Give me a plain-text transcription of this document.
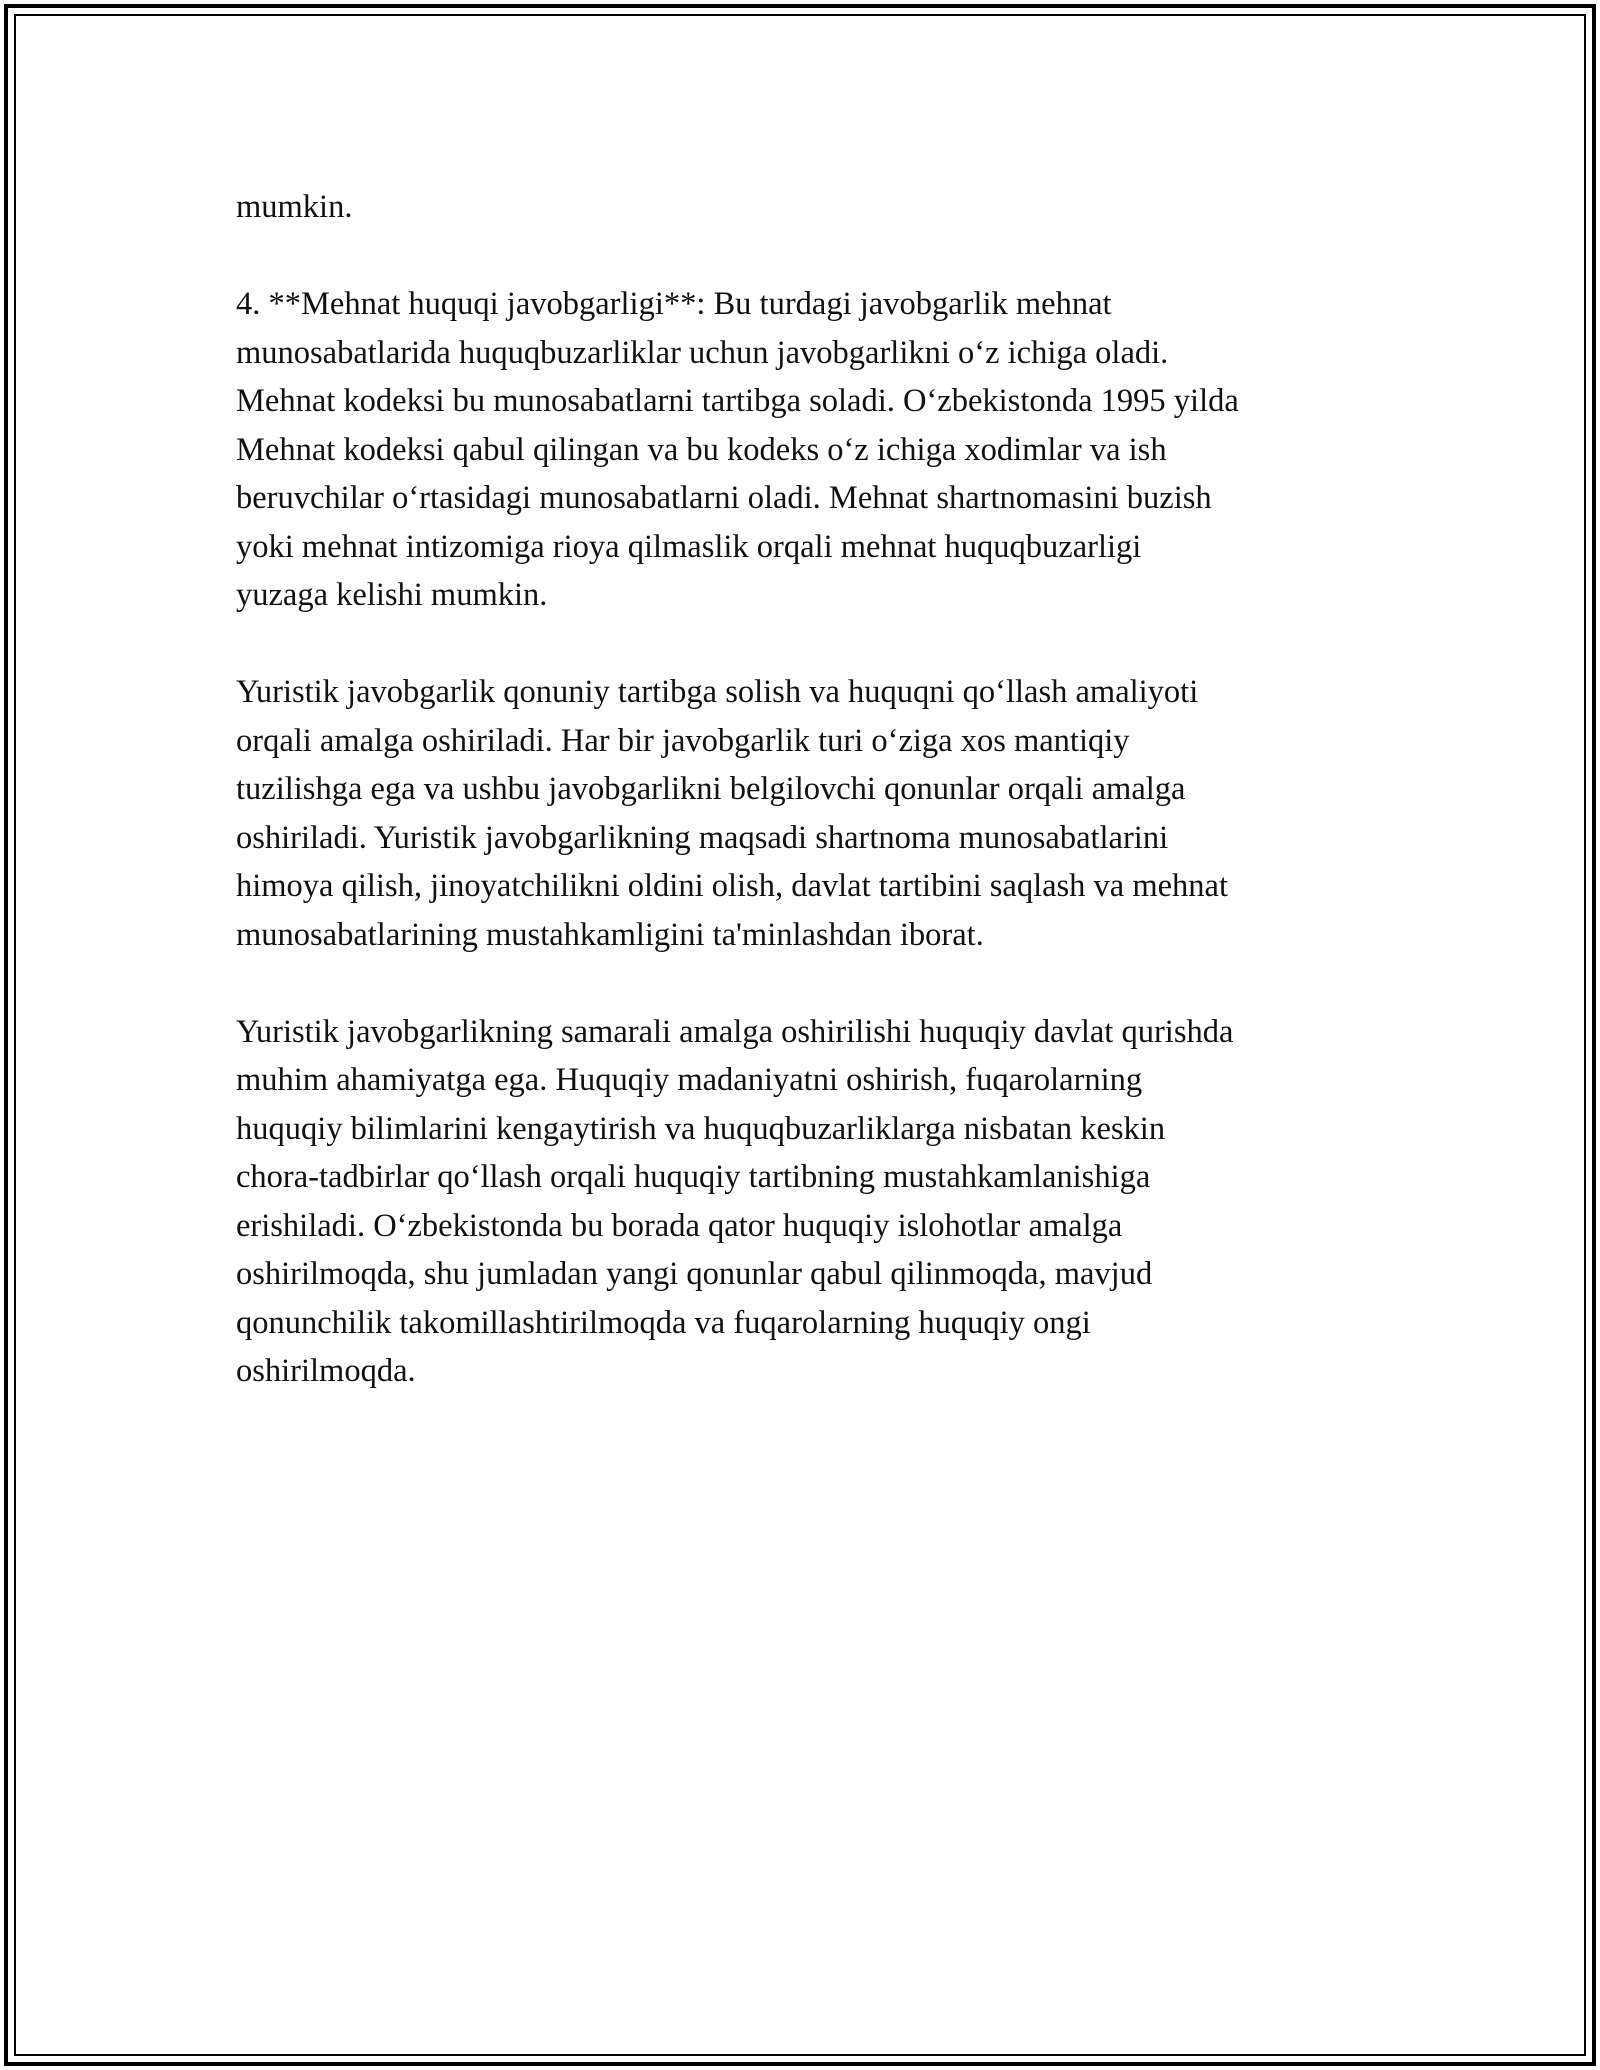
mumkin.

4. **Mehnat huquqi javobgarligi**: Bu turdagi javobgarlik mehnat
munosabatlarida huquqbuzarliklar uchun javobgarlikni o‘z ichiga oladi.
Mehnat kodeksi bu munosabatlarni tartibga soladi. O‘zbekistonda 1995 yilda
Mehnat kodeksi qabul qilingan va bu kodeks o‘z ichiga xodimlar va ish
beruvchilar o‘rtasidagi munosabatlarni oladi. Mehnat shartnomasini buzish
yoki mehnat intizomiga rioya qilmaslik orqali mehnat huquqbuzarligi
yuzaga kelishi mumkin.

Yuristik javobgarlik qonuniy tartibga solish va huquqni qo‘llash amaliyoti
orqali amalga oshiriladi. Har bir javobgarlik turi o‘ziga xos mantiqiy
tuzilishga ega va ushbu javobgarlikni belgilovchi qonunlar orqali amalga
oshiriladi. Yuristik javobgarlikning maqsadi shartnoma munosabatlarini
himoya qilish, jinoyatchilikni oldini olish, davlat tartibini saqlash va mehnat
munosabatlarining mustahkamligini ta'minlashdan iborat.

Yuristik javobgarlikning samarali amalga oshirilishi huquqiy davlat qurishda
muhim ahamiyatga ega. Huquqiy madaniyatni oshirish, fuqarolarning
huquqiy bilimlarini kengaytirish va huquqbuzarliklarga nisbatan keskin
chora-tadbirlar qo‘llash orqali huquqiy tartibning mustahkamlanishiga
erishiladi. O‘zbekistonda bu borada qator huquqiy islohotlar amalga
oshirilmoqda, shu jumladan yangi qonunlar qabul qilinmoqda, mavjud
qonunchilik takomillashtirilmoqda va fuqarolarning huquqiy ongi
oshirilmoqda.
